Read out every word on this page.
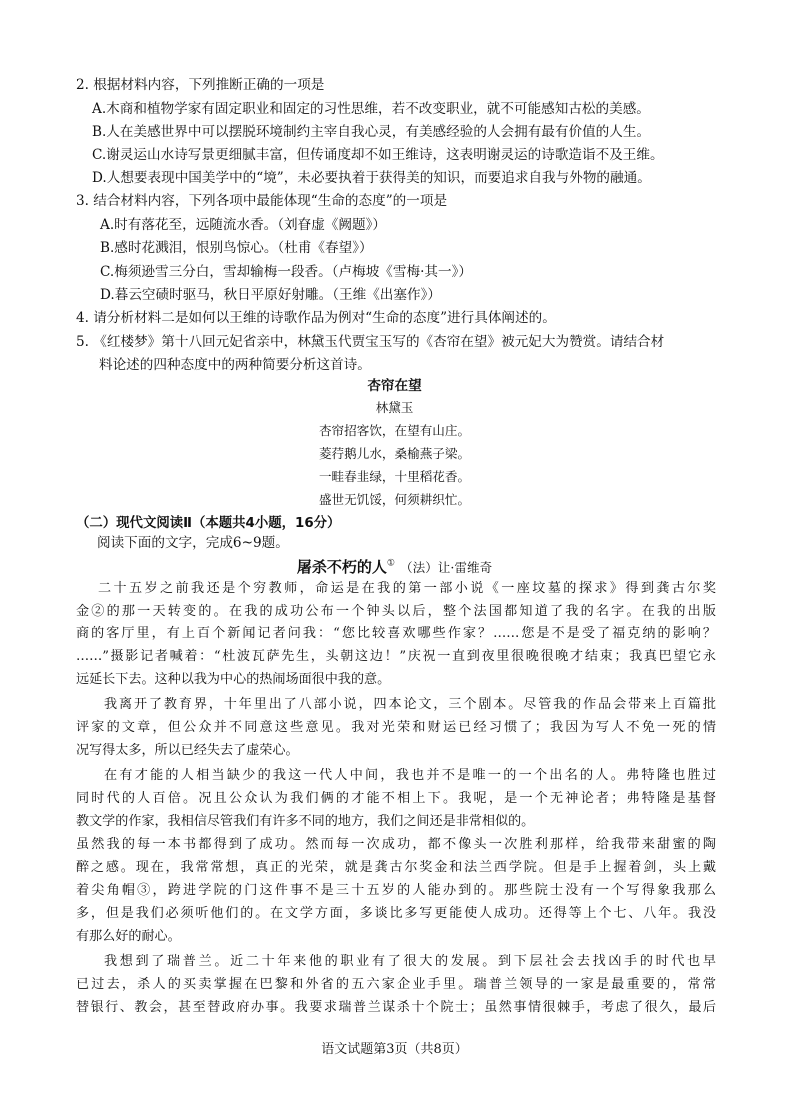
2. 根据材料内容，下列推断正确的一项是
A.木商和植物学家有固定职业和固定的习性思维，若不改变职业，就不可能感知古松的美感。
B.人在美感世界中可以摆脱环境制约主宰自我心灵，有美感经验的人会拥有最有价值的人生。
C.谢灵运山水诗写景更细腻丰富，但传诵度却不如王维诗，这表明谢灵运的诗歌造诣不及王维。
D.人想要表现中国美学中的“境”，未必要执着于获得美的知识，而要追求自我与外物的融通。
3. 结合材料内容，下列各项中最能体现“生命的态度”的一项是
A.时有落花至，远随流水香。（刘眘虚《阙题》）
B.感时花溅泪，恨别鸟惊心。（杜甫《春望》）
C.梅须逊雪三分白，雪却输梅一段香。（卢梅坡《雪梅·其一》）
D.暮云空碛时驱马，秋日平原好射雕。（王维《出塞作》）
4. 请分析材料二是如何以王维的诗歌作品为例对“生命的态度”进行具体阐述的。
5. 《红楼梦》第十八回元妃省亲中，林黛玉代贾宝玉写的《杏帘在望》被元妃大为赞赏。请结合材
料论述的四种态度中的两种简要分析这首诗。
杏帘在望
林黛玉
杏帘招客饮，在望有山庄。
菱荇鹅儿水，桑榆燕子梁。
一畦春韭绿，十里稻花香。
盛世无饥馁，何须耕织忙。
（二）现代文阅读Ⅱ（本题共4小题，16分）
阅读下面的文字，完成6~9题。
屠杀不朽的人① （法）让·雷维奇
二十五岁之前我还是个穷教师，命运是在我的第一部小说《一座坟墓的探求》得到龚古尔奖
金②的那一天转变的。在我的成功公布一个钟头以后，整个法国都知道了我的名字。在我的出版
商的客厅里，有上百个新闻记者问我：“您比较喜欢哪些作家？……您是不是受了福克纳的影响？
……”摄影记者喊着：“杜波瓦萨先生，头朝这边！”庆祝一直到夜里很晚很晚才结束；我真巴望它永
远延长下去。这种以我为中心的热闹场面很中我的意。
我离开了教育界，十年里出了八部小说，四本论文，三个剧本。尽管我的作品会带来上百篇批
评家的文章，但公众并不同意这些意见。我对光荣和财运已经习惯了；我因为写人不免一死的情
况写得太多，所以已经失去了虚荣心。
在有才能的人相当缺少的我这一代人中间，我也并不是唯一的一个出名的人。弗特隆也胜过
同时代的人百倍。况且公众认为我们俩的才能不相上下。我呢，是一个无神论者；弗特隆是基督
教文学的作家，我相信尽管我们有许多不同的地方，我们之间还是非常相似的。
虽然我的每一本书都得到了成功。然而每一次成功，都不像头一次胜利那样，给我带来甜蜜的陶
醉之感。现在，我常常想，真正的光荣，就是龚古尔奖金和法兰西学院。但是手上握着剑，头上戴
着尖角帽③，跨进学院的门这件事不是三十五岁的人能办到的。那些院士没有一个写得象我那么
多，但是我们必须听他们的。在文学方面，多谈比多写更能使人成功。还得等上个七、八年。我没
有那么好的耐心。
我想到了瑞普兰。近二十年来他的职业有了很大的发展。到下层社会去找凶手的时代也早
已过去，杀人的买卖掌握在巴黎和外省的五六家企业手里。瑞普兰领导的一家是最重要的，常常
替银行、教会，甚至替政府办事。我要求瑞普兰谋杀十个院士；虽然事情很棘手，考虑了很久，最后
语文试题第3页（共8页）
